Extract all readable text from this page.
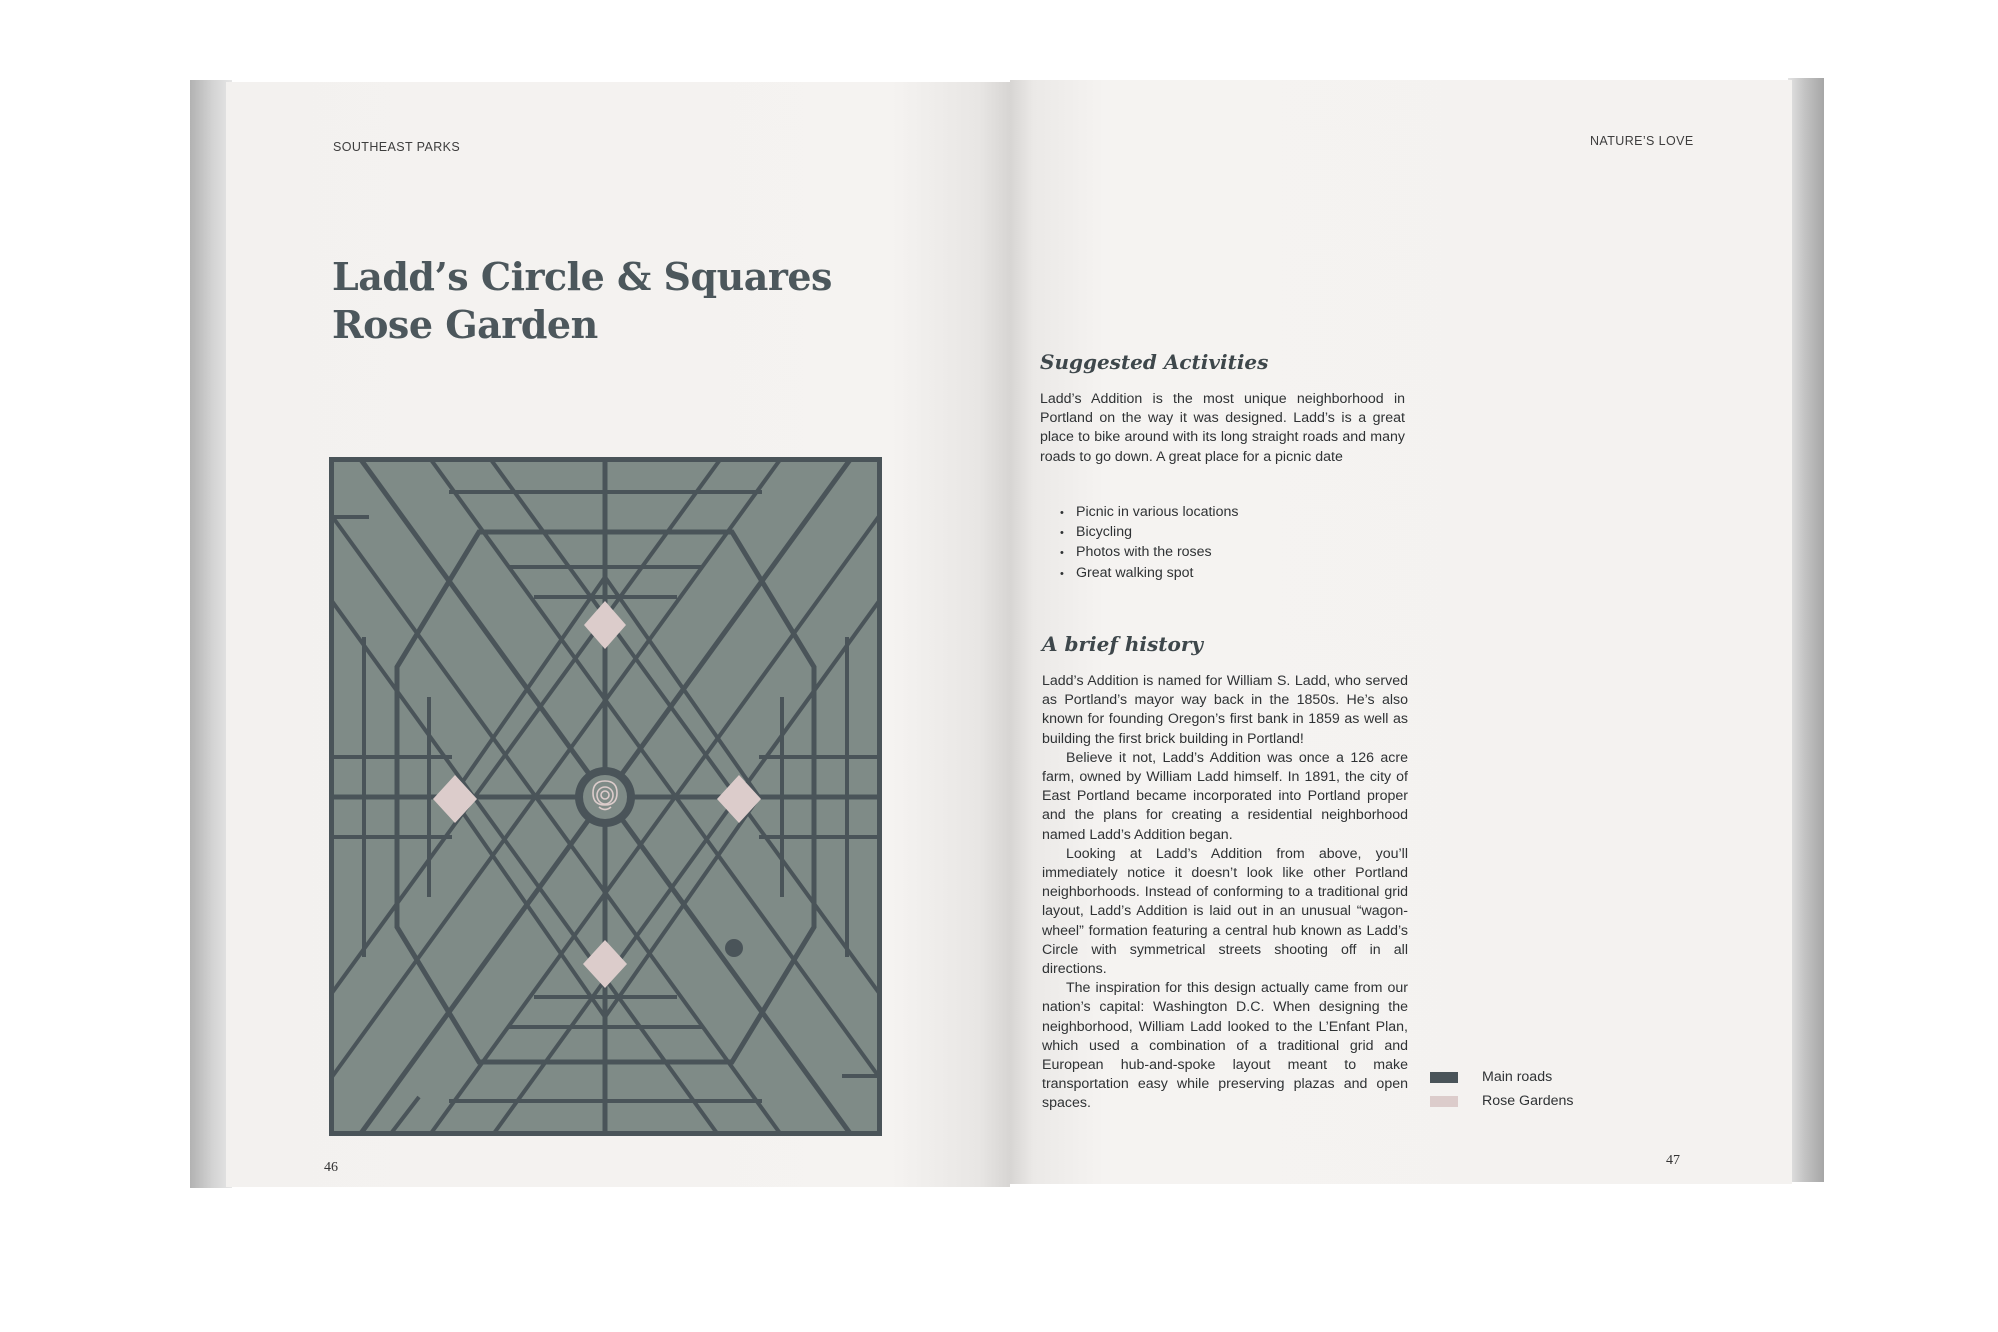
SOUTHEAST PARKS	NATURE’S LOVE
Ladd’s Circle & Squares
Rose Garden
46	47
Suggested Activities

Ladd’s Addition is the most unique neighborhood in Portland on the way it was designed. Ladd’s is a great place to bike around with its long straight roads and many roads to go down. A great place for a picnic date

• Picnic in various locations
• Bicycling
• Photos with the roses
• Great walking spot
A brief history

Ladd’s Addition is named for William S. Ladd, who served as Portland’s mayor way back in the 1850s. He’s also known for founding Oregon’s first bank in 1859 as well as building the first brick building in Portland!

Believe it not, Ladd’s Addition was once a 126 acre farm, owned by William Ladd himself. In 1891, the city of East Portland became incorporated into Portland proper and the plans for creating a residential neighborhood named Ladd’s Addition began.

Looking at Ladd’s Addition from above, you’ll immediately notice it doesn’t look like other Portland neighborhoods. Instead of conforming to a traditional grid layout, Ladd’s Addition is laid out in an unusual “wagon-wheel” formation featuring a central hub known as Ladd’s Circle with symmetrical streets shooting off in all directions.

The inspiration for this design actually came from our nation’s capital: Washington D.C. When designing the neighborhood, William Ladd looked to the L’Enfant Plan, which used a combination of a traditional grid and European hub-and-spoke layout meant to make transportation easy while preserving plazas and open spaces.

Main roads
Rose Gardens
